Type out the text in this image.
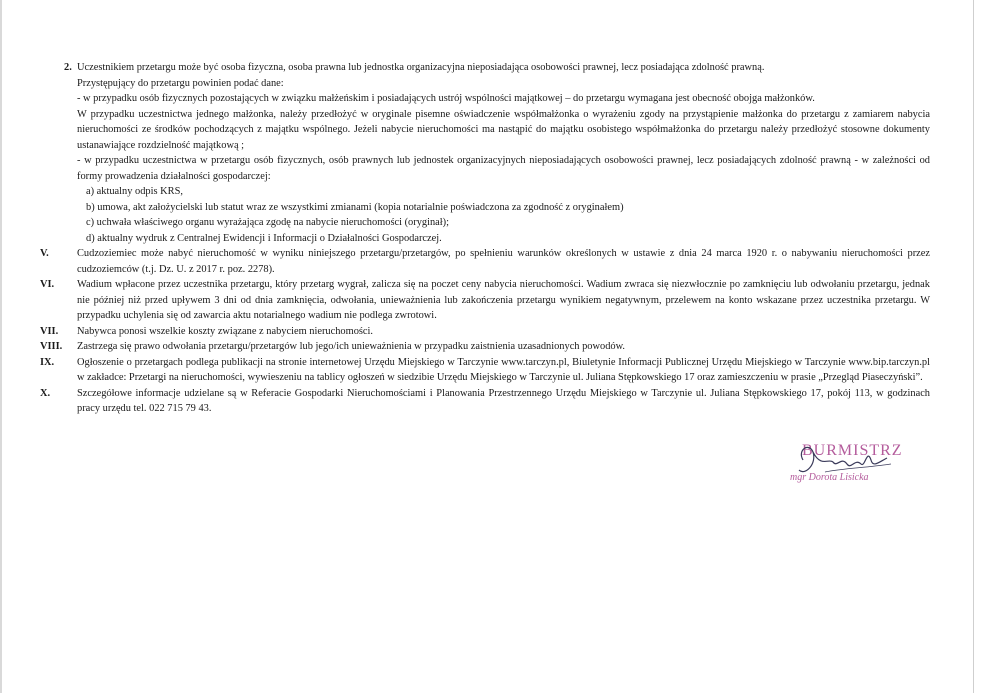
2. Uczestnikiem przetargu może być osoba fizyczna, osoba prawna lub jednostka organizacyjna nieposiadająca osobowości prawnej, lecz posiadająca zdolność prawną.

Przystępujący do przetargu powinien podać dane:

- w przypadku osób fizycznych pozostających w związku małżeńskim i posiadających ustrój wspólności majątkowej – do przetargu wymagana jest obecność obojga małżonków.

W przypadku uczestnictwa jednego małżonka, należy przedłożyć w oryginale pisemne oświadczenie współmałżonka o wyrażeniu zgody na przystąpienie małżonka do przetargu z zamiarem nabycia nieruchomości ze środków pochodzących z majątku wspólnego. Jeżeli nabycie nieruchomości ma nastąpić do majątku osobistego współmałżonka do przetargu należy przedłożyć stosowne dokumenty ustanawiające rozdzielność majątkową ;

- w przypadku uczestnictwa w przetargu osób fizycznych, osób prawnych lub jednostek organizacyjnych nieposiadających osobowości prawnej, lecz posiadających zdolność prawną - w zależności od formy prowadzenia działalności gospodarczej:

a) aktualny odpis KRS,

b) umowa, akt założycielski lub statut wraz ze wszystkimi zmianami (kopia notarialnie poświadczona za zgodność z oryginałem)

c) uchwała właściwego organu wyrażająca zgodę na nabycie nieruchomości (oryginał);

d) aktualny wydruk z Centralnej Ewidencji i Informacji o Działalności Gospodarczej.

V.	Cudzoziemiec może nabyć nieruchomość w wyniku niniejszego przetargu/przetargów, po spełnieniu warunków określonych w ustawie z dnia 24 marca 1920 r. o nabywaniu nieruchomości przez cudzoziemców (t.j. Dz. U. z 2017 r. poz. 2278).

VI.	Wadium wpłacone przez uczestnika przetargu, który przetarg wygrał, zalicza się na poczet ceny nabycia nieruchomości. Wadium zwraca się niezwłocznie po zamknięciu lub odwołaniu przetargu, jednak nie później niż przed upływem 3 dni od dnia zamknięcia, odwołania, unieważnienia lub zakończenia przetargu wynikiem negatywnym, przelewem na konto wskazane przez uczestnika przetargu. W przypadku uchylenia się od zawarcia aktu notarialnego wadium nie podlega zwrotowi.

VII.	Nabywca ponosi wszelkie koszty związane z nabyciem nieruchomości.

VIII.	Zastrzega się prawo odwołania przetargu/przetargów lub jego/ich unieważnienia w przypadku zaistnienia uzasadnionych powodów.

IX.	Ogłoszenie o przetargach podlega publikacji na stronie internetowej Urzędu Miejskiego w Tarczynie www.tarczyn.pl, Biuletynie Informacji Publicznej Urzędu Miejskiego w Tarczynie www.bip.tarczyn.pl w zakładce: Przetargi na nieruchomości, wywieszeniu na tablicy ogłoszeń w siedzibie Urzędu Miejskiego w Tarczynie ul. Juliana Stępkowskiego 17 oraz zamieszczeniu w prasie „Przegląd Piaseczyński”.

X.	Szczegółowe informacje udzielane są w Referacie Gospodarki Nieruchomościami i Planowania Przestrzennego Urzędu Miejskiego w Tarczynie ul. Juliana Stępkowskiego 17, pokój 113, w godzinach pracy urzędu tel. 022 715 79 43.

BURMISTRZ
mgr Dorota Lisicka
